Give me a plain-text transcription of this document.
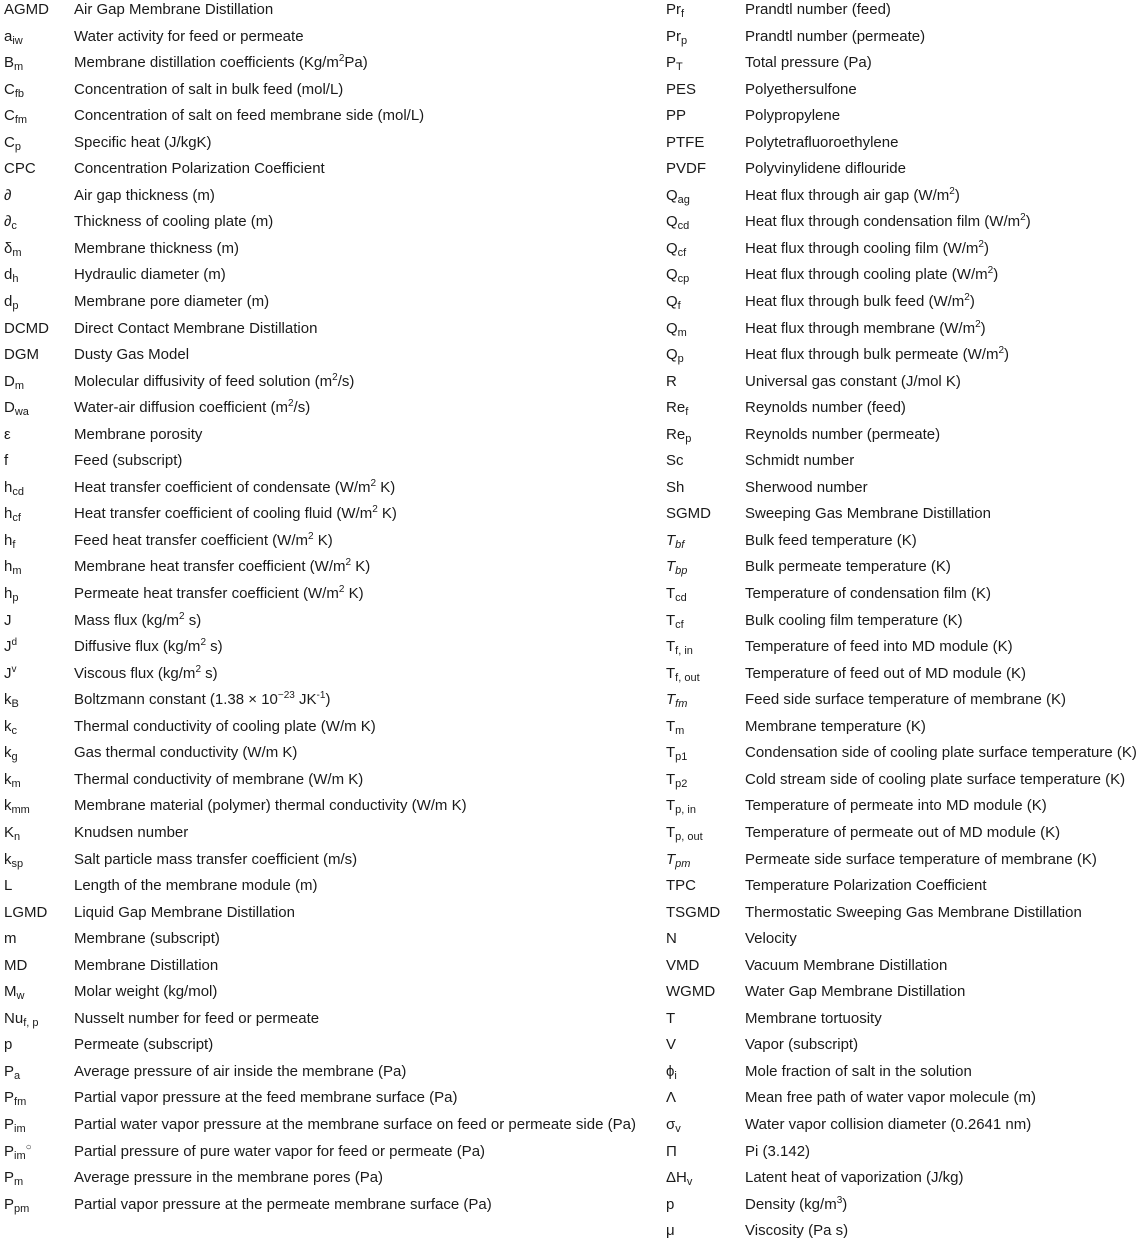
AGMD Air Gap Membrane Distillation
$a_{iw}$	Water activity for feed or permeate
$B_m$	Membrane distillation coefficients $(Kg/m^2Pa)$
$C_{fb}$	Concentration of salt in bulk feed (mol/L)
$C_{fm}$	Concentration of salt on feed membrane side (mol/L)
$C_p$	Specific heat (J/kgK)
CPC	Concentration Polarization Coefficient
∂	Air gap thickness (m)
$\partial_c$	Thickness of cooling plate (m)
$\delta_m$	Membrane thickness (m)
$d_h$	Hydraulic diameter (m)
$d_p$	Membrane pore diameter (m)
DCMD Direct Contact Membrane Distillation
DGM Dusty Gas Model
$D_m$	Molecular diffusivity of feed solution $(m^2/s)$
$D_{wa}$	Water-air diffusion coefficient $(m^2/s)$
ε	Membrane porosity
f	Feed (subscript)
$h_{cd}$	Heat transfer coefficient of condensate ($W/m^2$ K)
$h_{cf}$	Heat transfer coefficient of cooling fluid ($W/m^2$ K)
$h_f$	Feed heat transfer coefficient ($W/m^2$ K)
$h_m$	Membrane heat transfer coefficient ($W/m^2$ K)
$h_p$	Permeate heat transfer coefficient ($W/m^2$ K)
J	Mass flux ($kg/m^2$ s)
$J^d$	Diffusive flux ($kg/m^2$ s)
$J^v$	Viscous flux ($kg/m^2$ s)
$k_B$	Boltzmann constant ($1.38 \times 10^{-23}$ $JK^{-1}$)
$k_c$	Thermal conductivity of cooling plate (W/m K)
$k_g$	Gas thermal conductivity (W/m K)
$k_m$	Thermal conductivity of membrane (W/m K)
$k_{mm}$	Membrane material (polymer) thermal conductivity (W/m K)
$K_n$	Knudsen number
$k_{sp}$	Salt particle mass transfer coefficient (m/s)
L	Length of the membrane module (m)
LGMD Liquid Gap Membrane Distillation
m	Membrane (subscript)
MD	Membrane Distillation
$M_w$	Molar weight (kg/mol)
$Nu_{f, p}$ Nusselt number for feed or permeate
p	Permeate (subscript)
$P_a$	Average pressure of air inside the membrane (Pa)
$P_{fm}$	Partial vapor pressure at the feed membrane surface (Pa)
$P_{im}$	Partial water vapor pressure at the membrane surface on feed or permeate side (Pa)
$P_{im}^○$	Partial pressure of pure water vapor for feed or permeate (Pa)
$P_m$	Average pressure in the membrane pores (Pa)
$P_{pm}$	Partial vapor pressure at the permeate membrane surface (Pa)
$Pr_f$	Prandtl number (feed)
$Pr_p$	Prandtl number (permeate)
$P_T$	Total pressure (Pa)
PES	Polyethersulfone
PP	Polypropylene
PTFE	Polytetrafluoroethylene
PVDF	Polyvinylidene diflouride
$Q_{ag}$	Heat flux through air gap $(W/m^2)$
$Q_{cd}$	Heat flux through condensation film $(W/m^2)$
$Q_{cf}$	Heat flux through cooling film $(W/m^2)$
$Q_{cp}$	Heat flux through cooling plate $(W/m^2)$
$Q_f$	Heat flux through bulk feed $(W/m^2)$
$Q_m$	Heat flux through membrane $(W/m^2)$
$Q_p$	Heat flux through bulk permeate $(W/m^2)$
R	Universal gas constant (J/mol K)
$Re_f$	Reynolds number (feed)
$Re_p$	Reynolds number (permeate)
Sc	Schmidt number
Sh	Sherwood number
SGMD Sweeping Gas Membrane Distillation
$T_{bf}$	Bulk feed temperature (K)
$T_{bp}$	Bulk permeate temperature (K)
$T_{cd}$	Temperature of condensation film (K)
$T_{cf}$	Bulk cooling film temperature (K)
$T_{f, in}$	Temperature of feed into MD module (K)
$T_{f, out}$	Temperature of feed out of MD module (K)
$T_{fm}$	Feed side surface temperature of membrane (K)
$T_m$	Membrane temperature (K)
$T_{p1}$	Condensation side of cooling plate surface temperature (K)
$T_{p2}$	Cold stream side of cooling plate surface temperature (K)
$T_{p, in}$	Temperature of permeate into MD module (K)
$T_{p, out}$	Temperature of permeate out of MD module (K)
$T_{pm}$	Permeate side surface temperature of membrane (K)
TPC	Temperature Polarization Coefficient
TSGMD Thermostatic Sweeping Gas Membrane Distillation
N	Velocity
VMD	Vacuum Membrane Distillation
WGMD Water Gap Membrane Distillation
T	Membrane tortuosity
V	Vapor (subscript)
$\phi_i$	Mole fraction of salt in the solution
Λ	Mean free path of water vapor molecule (m)
$\sigma_v$	Water vapor collision diameter (0.2641 nm)
Π	Pi (3.142)
$\Delta H_v$	Latent heat of vaporization (J/kg)
p	Density $(kg/m^3)$
μ	Viscosity (Pa s)
